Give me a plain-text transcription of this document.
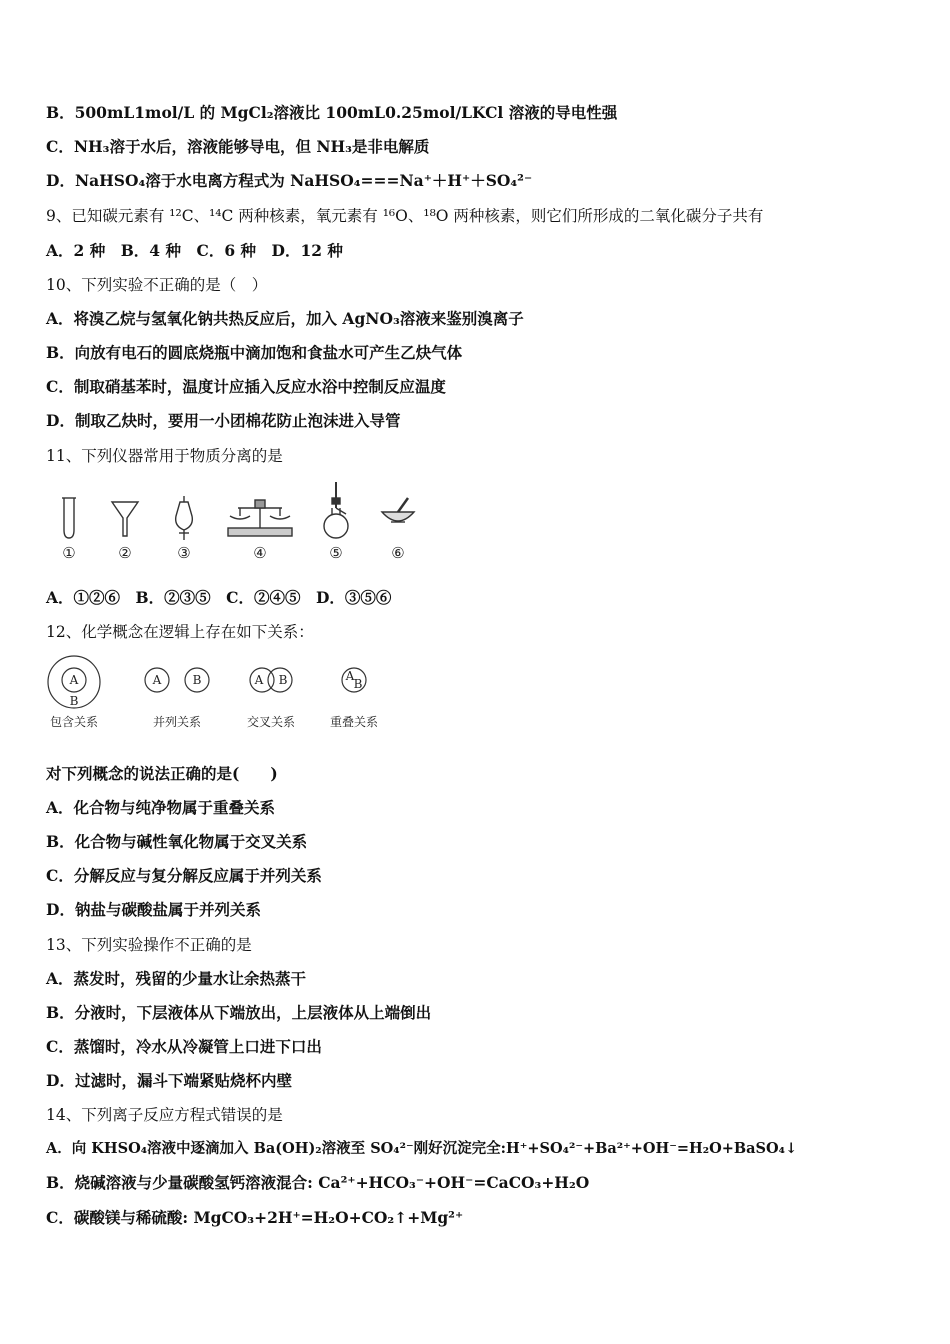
B．500mL1mol/L 的 MgCl₂溶液比 100mL0.25mol/LKCl 溶液的导电性强
C．NH₃溶于水后，溶液能够导电，但 NH₃是非电解质
D．NaHSO₄溶于水电离方程式为 NaHSO₄===Na⁺＋H⁺＋SO₄²⁻
9、已知碳元素有 ¹²C、¹⁴C 两种核素，氧元素有 ¹⁶O、¹⁸O 两种核素，则它们所形成的二氧化碳分子共有
A．2 种　B．4 种　C．6 种　D．12 种
10、下列实验不正确的是（　）
A．将溴乙烷与氢氧化钠共热反应后，加入 AgNO₃溶液来鉴别溴离子
B．向放有电石的圆底烧瓶中滴加饱和食盐水可产生乙炔气体
C．制取硝基苯时，温度计应插入反应水浴中控制反应温度
D．制取乙炔时，要用一小团棉花防止泡沫进入导管
11、下列仪器常用于物质分离的是
①	②	③	④	⑤	⑥
A．①②⑥　B．②③⑤　C．②④⑤　D．③⑤⑥
12、化学概念在逻辑上存在如下关系：
A
B
A	B	A B	A
B
包含关系	并列关系	交叉关系	重叠关系
对下列概念的说法正确的是(　　)
A．化合物与纯净物属于重叠关系
B．化合物与碱性氧化物属于交叉关系
C．分解反应与复分解反应属于并列关系
D．钠盐与碳酸盐属于并列关系
13、下列实验操作不正确的是
A．蒸发时，残留的少量水让余热蒸干
B．分液时，下层液体从下端放出，上层液体从上端倒出
C．蒸馏时，冷水从冷凝管上口进下口出
D．过滤时，漏斗下端紧贴烧杯内壁
14、下列离子反应方程式错误的是
A．向 KHSO₄溶液中逐滴加入 Ba(OH)₂溶液至 SO₄²⁻刚好沉淀完全:H⁺+SO₄²⁻+Ba²⁺+OH⁻=H₂O+BaSO₄↓
B．烧碱溶液与少量碳酸氢钙溶液混合: Ca²⁺+HCO₃⁻+OH⁻=CaCO₃+H₂O
C．碳酸镁与稀硫酸: MgCO₃+2H⁺=H₂O+CO₂↑+Mg²⁺
